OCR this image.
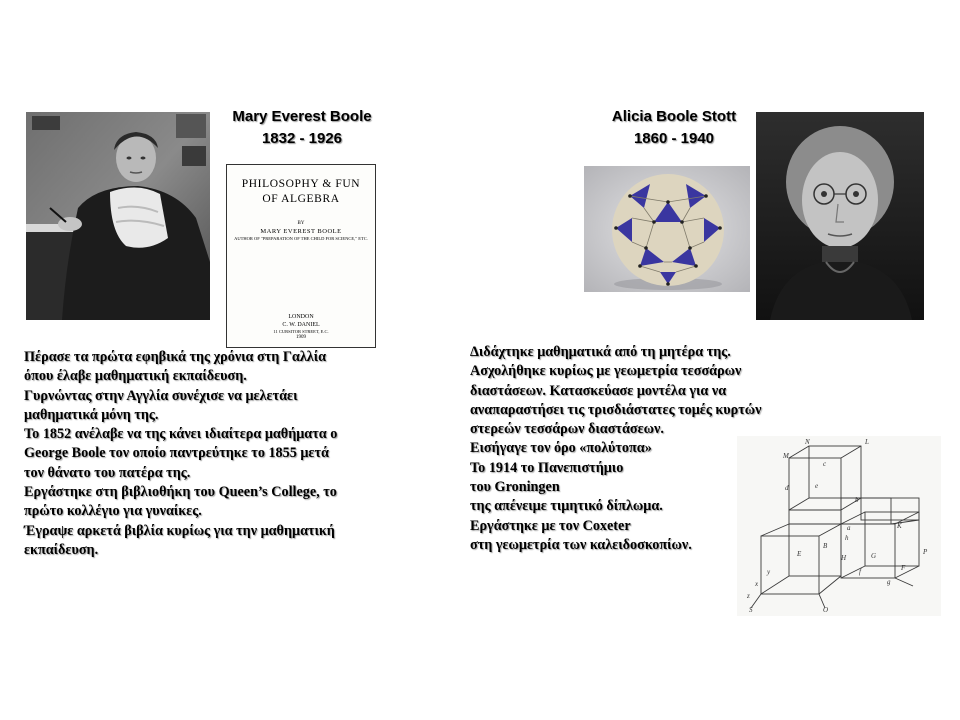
Mary Everest Boole
1832 - 1926
PHILOSOPHY & FUN
OF ALGEBRA
BY
MARY EVEREST BOOLE
AUTHOR OF "PREPARATION OF THE CHILD FOR SCIENCE," ETC.
LONDON
C. W. DANIEL
11 CURSITOR STREET, E.C.
1909
Πέρασε τα πρώτα εφηβικά της χρόνια στη Γαλλία
όπου έλαβε μαθηματική εκπαίδευση.
Γυρνώντας στην Αγγλία συνέχισε να μελετάει
μαθηματικά μόνη της.
Το 1852 ανέλαβε να της κάνει ιδιαίτερα μαθήματα ο
George Boole τον οποίο παντρεύτηκε το 1855 μετά
τον θάνατο του πατέρα της.
Εργάστηκε στη βιβλιοθήκη του Queen’s College, το
πρώτο κολλέγιο για γυναίκες.
Έγραψε αρκετά βιβλία κυρίως για την μαθηματική
εκπαίδευση.
Alicia Boole Stott
1860 - 1940
Διδάχτηκε μαθηματικά από τη μητέρα της.
Ασχολήθηκε κυρίως με γεωμετρία τεσσάρων
διαστάσεων. Κατασκεύασε μοντέλα για να
αναπαραστήσει τις τρισδιάστατες τομές κυρτών
στερεών τεσσάρων διαστάσεων.
Εισήγαγε τον όρο «πολύτοπα»
Το 1914 το Πανεπιστήμιο
του Groningen
της απένειμε τιμητικό δίπλωμα.
Εργάστηκε με τον Coxeter
στη γεωμετρία των καλειδοσκοπίων.
N	L
M
c
e
d
b
K
h
G
F
P
B
H
E
a
S	O
f
g
x
y
z
